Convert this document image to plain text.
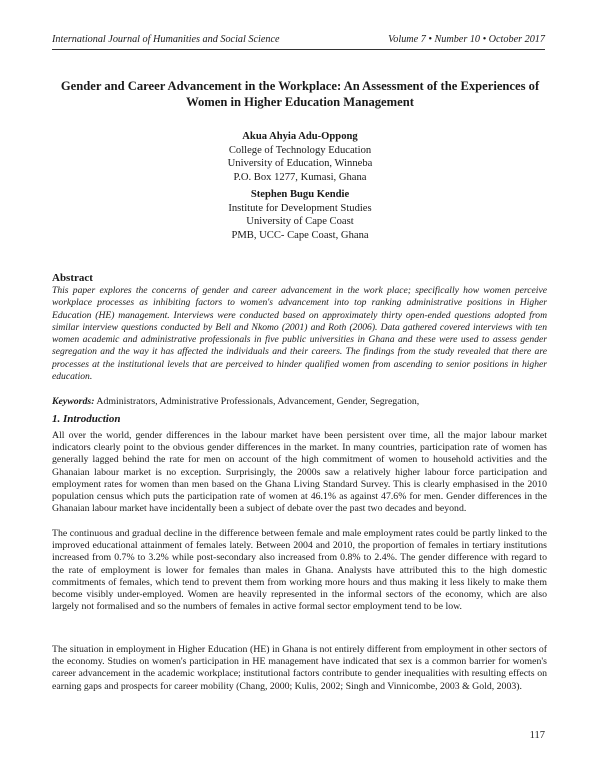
International Journal of Humanities and Social Science	Volume 7 • Number 10 • October 2017
Gender and Career Advancement in the Workplace: An Assessment of the Experiences of Women in Higher Education Management
Akua Ahyia Adu-Oppong
College of Technology Education
University of Education, Winneba
P.O. Box 1277, Kumasi, Ghana
Stephen Bugu Kendie
Institute for Development Studies
University of Cape Coast
PMB, UCC- Cape Coast, Ghana
Abstract
This paper explores the concerns of gender and career advancement in the work place; specifically how women perceive workplace processes as inhibiting factors to women's advancement into top ranking administrative positions in Higher Education (HE) management. Interviews were conducted based on approximately thirty open-ended questions adopted from similar interview questions conducted by Bell and Nkomo (2001) and Roth (2006). Data gathered covered interviews with ten women academic and administrative professionals in five public universities in Ghana and these were used to assess gender segregation and the way it has affected the individuals and their careers. The findings from the study revealed that there are processes at the institutional levels that are perceived to hinder qualified women from ascending to senior positions in higher education.
Keywords: Administrators, Administrative Professionals, Advancement, Gender, Segregation,
1. Introduction

All over the world, gender differences in the labour market have been persistent over time, all the major labour market indicators clearly point to the obvious gender differences in the market. In many countries, participation rate of women has generally lagged behind the rate for men on account of the high commitment of women to household activities and the Ghanaian labour market is no exception. Surprisingly, the 2000s saw a relatively higher labour force participation and employment rates for women than men based on the Ghana Living Standard Survey. This is clearly emphasised in the 2010 population census which puts the participation rate of women at 46.1% as against 47.6% for men. Gender differences in the Ghanaian labour market have incidentally been a subject of debate over the past two decades and beyond.

The continuous and gradual decline in the difference between female and male employment rates could be partly linked to the improved educational attainment of females lately. Between 2004 and 2010, the proportion of females in tertiary institutions increased from 0.7% to 3.2% while post-secondary also increased from 0.8% to 2.4%. The gender difference with regard to the rate of employment is lower for females than males in Ghana. Analysts have attributed this to the high domestic commitments of females, which tend to prevent them from working more hours and thus making it less likely to make them become visibly under-employed. Women are heavily represented in the informal sectors of the economy, which are also largely not formalised and so the numbers of females in active formal sector employment tend to be low.

The situation in employment in Higher Education (HE) in Ghana is not entirely different from employment in other sectors of the economy. Studies on women's participation in HE management have indicated that sex is a common barrier for women's career advancement in the academic workplace; institutional factors contribute to gender inequalities with resulting effects on earning gaps and prospects for career mobility (Chang, 2000; Kulis, 2002; Singh and Vinnicombe, 2003 & Gold, 2003).

117
